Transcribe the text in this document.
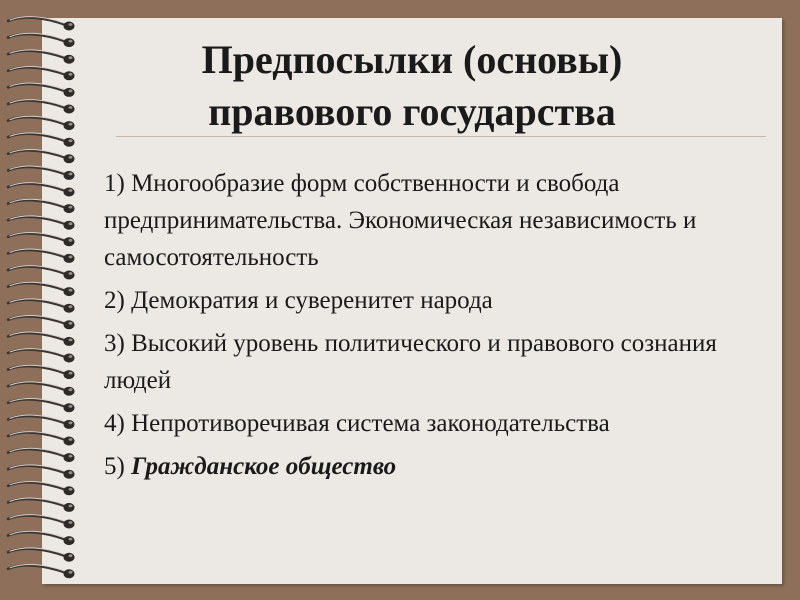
Предпосылки (основы)
правового государства
1) Многообразие форм собственности и свобода предпринимательства. Экономическая независимость и самосотоятельность
2) Демократия и суверенитет народа
3) Высокий уровень политического и правового сознания людей
4) Непротиворечивая система законодательства
5) Гражданское общество
